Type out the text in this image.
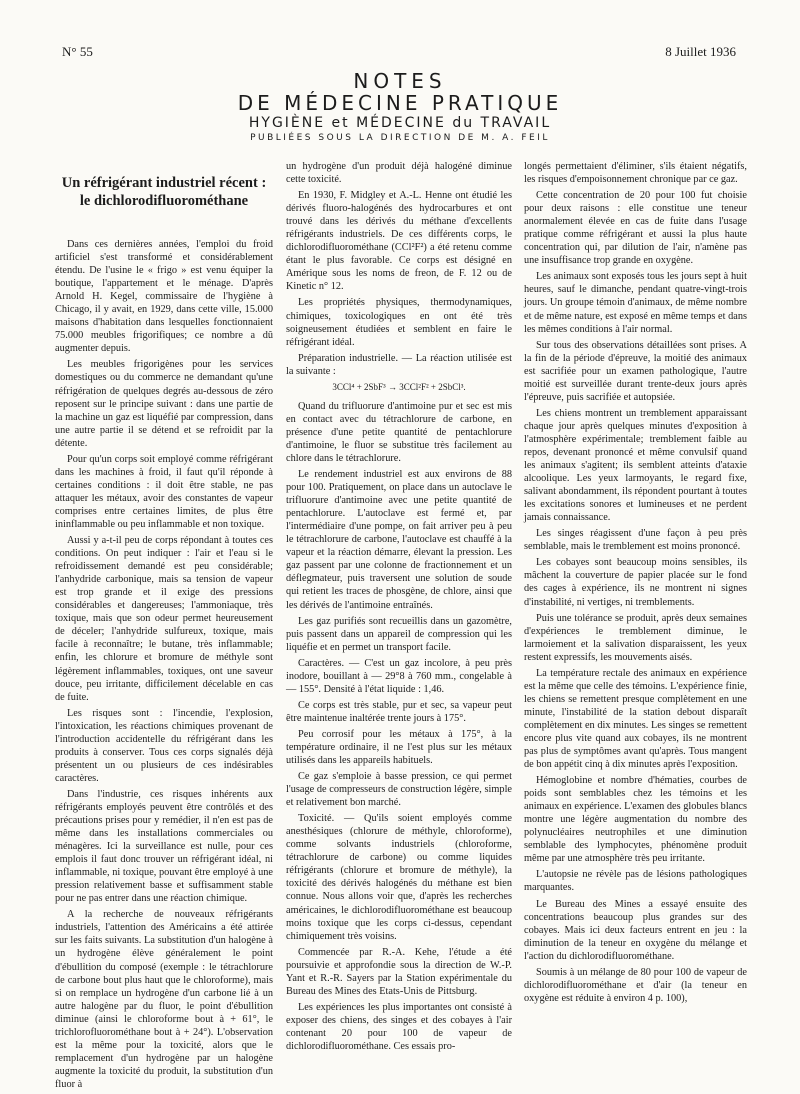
N° 55	8 Juillet 1936
NOTES
DE MÉDECINE PRATIQUE
HYGIÈNE et MÉDECINE du TRAVAIL
PUBLIÉES SOUS LA DIRECTION DE M. A. FEIL
Un réfrigérant industriel récent :
le dichlorodifluorométhane

Dans ces dernières années, l'emploi du froid artificiel s'est transformé et considérablement étendu. De l'usine le « frigo » est venu équiper la boutique, l'appartement et le ménage. D'après Arnold H. Kegel, commissaire de l'hygiène à Chicago, il y avait, en 1929, dans cette ville, 15.000 maisons d'habitation dans lesquelles fonctionnaient 75.000 meubles frigorifiques; ce nombre a dû augmenter depuis.

Les meubles frigorigènes pour les services domestiques ou du commerce ne demandant qu'une réfrigération de quelques degrés au-dessous de zéro reposent sur le principe suivant : dans une partie de la machine un gaz est liquéfié par compression, dans une autre partie il se détend et se refroidit par la détente.

Pour qu'un corps soit employé comme réfrigérant dans les machines à froid, il faut qu'il réponde à certaines conditions : il doit être stable, ne pas attaquer les métaux, avoir des constantes de vapeur comprises entre certaines limites, de plus être ininflammable ou peu inflammable et non toxique.

Aussi y a-t-il peu de corps répondant à toutes ces conditions. On peut indiquer : l'air et l'eau si le refroidissement demandé est peu considérable; l'anhydride carbonique, mais sa tension de vapeur est trop grande et il exige des pressions considérables et dangereuses; l'ammoniaque, très toxique, mais que son odeur permet heureusement de déceler; l'anhydride sulfureux, toxique, mais facile à reconnaître; le butane, très inflammable; enfin, les chlorure et bromure de méthyle sont légèrement inflammables, toxiques, ont une saveur douce, peu irritante, difficilement décelable en cas de fuite.

Les risques sont : l'incendie, l'explosion, l'intoxication, les réactions chimiques provenant de l'introduction accidentelle du réfrigérant dans les produits à conserver. Tous ces corps signalés déjà présentent un ou plusieurs de ces indésirables caractères.

Dans l'industrie, ces risques inhérents aux réfrigérants employés peuvent être contrôlés et des précautions prises pour y remédier, il n'en est pas de même dans les installations commerciales ou ménagères. Ici la surveillance est nulle, pour ces emplois il faut donc trouver un réfrigérant idéal, ni inflammable, ni toxique, pouvant être employé à une pression relativement basse et suffisamment stable pour ne pas entrer dans une réaction chimique.

A la recherche de nouveaux réfrigérants industriels, l'attention des Américains a été attirée sur les faits suivants. La substitution d'un halogène à un hydrogène élève généralement le point d'ébullition du composé (exemple : le tétrachlorure de carbone bout plus haut que le chloroforme), mais si on remplace un hydrogène d'un carbone lié à un autre halogène par du fluor, le point d'ébullition diminue (ainsi le chloroforme bout à + 61°, le trichlorofluorométhane bout à + 24°). L'observation est la même pour la toxicité, alors que le remplacement d'un hydrogène par un halogène augmente la toxicité du produit, la substitution d'un fluor à

un hydrogène d'un produit déjà halogéné diminue cette toxicité.

En 1930, F. Midgley et A.-L. Henne ont étudié les dérivés fluoro-halogénés des hydrocarbures et ont trouvé dans les dérivés du méthane d'excellents réfrigérants industriels. De ces différents corps, le dichlorodifluorométhane (CCl²F²) a été retenu comme étant le plus favorable. Ce corps est désigné en Amérique sous les noms de freon, de F. 12 ou de Kinetic n° 12.

Les propriétés physiques, thermodynamiques, chimiques, toxicologiques en ont été très soigneusement étudiées et semblent en faire le réfrigérant idéal.

Préparation industrielle. — La réaction utilisée est la suivante :

3CCl⁴ + 2SbF³ → 3CCl²F² + 2SbCl³.

Quand du trifluorure d'antimoine pur et sec est mis en contact avec du tétrachlorure de carbone, en présence d'une petite quantité de pentachlorure d'antimoine, le fluor se substitue très facilement au chlore dans le tétrachlorure.

Le rendement industriel est aux environs de 88 pour 100. Pratiquement, on place dans un autoclave le trifluorure d'antimoine avec une petite quantité de pentachlorure. L'autoclave est fermé et, par l'intermédiaire d'une pompe, on fait arriver peu à peu le tétrachlorure de carbone, l'autoclave est chauffé à la vapeur et la réaction démarre, élevant la pression. Les gaz passent par une colonne de fractionnement et un déflegmateur, puis traversent une solution de soude qui retient les traces de phosgène, de chlore, ainsi que les dérivés de l'antimoine entraînés.

Les gaz purifiés sont recueillis dans un gazomètre, puis passent dans un appareil de compression qui les liquéfie et en permet un transport facile.

Caractères. — C'est un gaz incolore, à peu près inodore, bouillant à — 29°8 à 760 mm., congelable à — 155°. Densité à l'état liquide : 1,46.

Ce corps est très stable, pur et sec, sa vapeur peut être maintenue inaltérée trente jours à 175°.

Peu corrosif pour les métaux à 175°, à la température ordinaire, il ne l'est plus sur les métaux utilisés dans les appareils habituels.

Ce gaz s'emploie à basse pression, ce qui permet l'usage de compresseurs de construction légère, simple et relativement bon marché.

Toxicité. — Qu'ils soient employés comme anesthésiques (chlorure de méthyle, chloroforme), comme solvants industriels (chloroforme, tétrachlorure de carbone) ou comme liquides réfrigérants (chlorure et bromure de méthyle), la toxicité des dérivés halogénés du méthane est bien connue. Nous allons voir que, d'après les recherches américaines, le dichlorodifluorométhane est beaucoup moins toxique que les corps ci-dessus, cependant chimiquement très voisins.

Commencée par R.-A. Kehe, l'étude a été poursuivie et approfondie sous la direction de W.-P. Yant et R.-R. Sayers par la Station expérimentale du Bureau des Mines des Etats-Unis de Pittsburg.

Les expériences les plus importantes ont consisté à exposer des chiens, des singes et des cobayes à l'air contenant 20 pour 100 de vapeur de dichlorodifluorométhane. Ces essais pro-

longés permettaient d'éliminer, s'ils étaient négatifs, les risques d'empoisonnement chronique par ce gaz.

Cette concentration de 20 pour 100 fut choisie pour deux raisons : elle constitue une teneur anormalement élevée en cas de fuite dans l'usage pratique comme réfrigérant et aussi la plus haute concentration qui, par dilution de l'air, n'amène pas une insuffisance trop grande en oxygène.

Les animaux sont exposés tous les jours sept à huit heures, sauf le dimanche, pendant quatre-vingt-trois jours. Un groupe témoin d'animaux, de même nombre et de même nature, est exposé en même temps et dans les mêmes conditions à l'air normal.

Sur tous des observations détaillées sont prises. A la fin de la période d'épreuve, la moitié des animaux est sacrifiée pour un examen pathologique, l'autre moitié est surveillée durant trente-deux jours après l'épreuve, puis sacrifiée et autopsiée.

Les chiens montrent un tremblement apparaissant chaque jour après quelques minutes d'exposition à l'atmosphère expérimentale; tremblement faible au repos, devenant prononcé et même convulsif quand les animaux s'agitent; ils semblent atteints d'ataxie alcoolique. Les yeux larmoyants, le regard fixe, salivant abondamment, ils répondent pourtant à toutes les excitations sonores et lumineuses et ne perdent jamais connaissance.

Les singes réagissent d'une façon à peu près semblable, mais le tremblement est moins prononcé.

Les cobayes sont beaucoup moins sensibles, ils mâchent la couverture de papier placée sur le fond des cages à expérience, ils ne montrent ni signes d'instabilité, ni vertiges, ni tremblements.

Puis une tolérance se produit, après deux semaines d'expériences le tremblement diminue, le larmoiement et la salivation disparaissent, les yeux restent expressifs, les mouvements aisés.

La température rectale des animaux en expérience est la même que celle des témoins. L'expérience finie, les chiens se remettent presque complètement en une minute, l'instabilité de la station debout disparaît complètement en dix minutes. Les singes se remettent encore plus vite quand aux cobayes, ils ne montrent pas plus de symptômes avant qu'après. Tous mangent de bon appétit cinq à dix minutes après l'exposition.

Hémoglobine et nombre d'hématies, courbes de poids sont semblables chez les témoins et les animaux en expérience. L'examen des globules blancs montre une légère augmentation du nombre des polynucléaires neutrophiles et une diminution semblable des lymphocytes, phénomène produit même par une atmosphère très peu irritante.

L'autopsie ne révèle pas de lésions pathologiques marquantes.

Le Bureau des Mines a essayé ensuite des concentrations beaucoup plus grandes sur des cobayes. Mais ici deux facteurs entrent en jeu : la diminution de la teneur en oxygène du mélange et l'action du dichlorodifluorométhane.

Soumis à un mélange de 80 pour 100 de vapeur de dichlorodifluorométhane et d'air (la teneur en oxygène est réduite à environ 4 p. 100),
